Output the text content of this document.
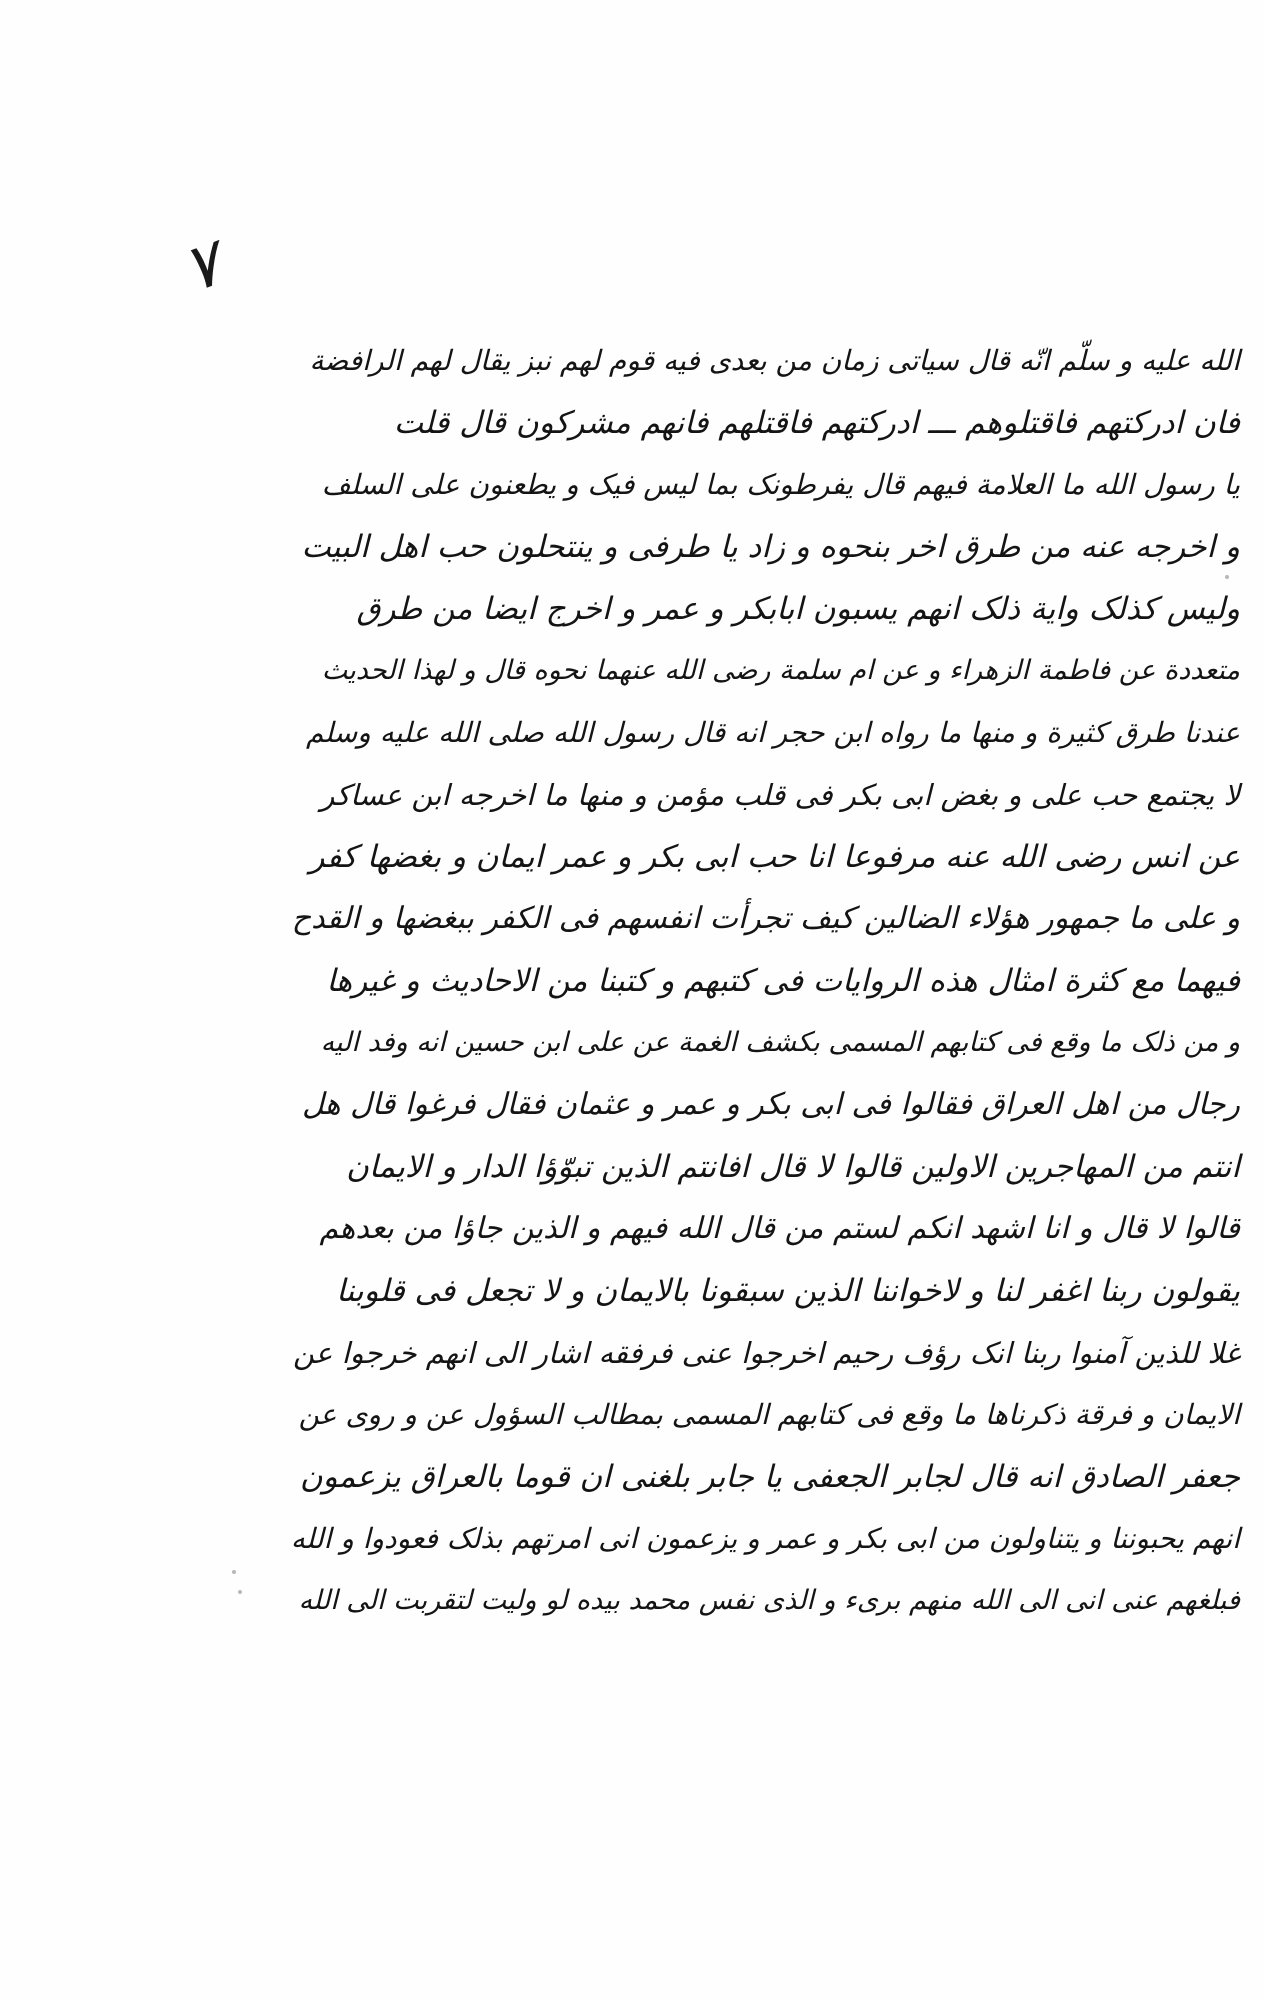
٧
الله علیه و سلّم انّه قال سیاتی زمان من بعدی فیه قوم لهم نبز یقال لهم الرافضة
فان ادرکتهم فاقتلوهم ـــ ادرکتهم فاقتلهم فانهم مشرکون قال قلت
یا رسول الله ما العلامة فیهم قال یفرطونک بما لیس فیک و یطعنون علی السلف
و اخرجه عنه من طرق اخر بنحوه و زاد یا طرفی و ینتحلون حب اهل البیت
ولیس کذلک وایة ذلک انهم یسبون ابابکر و عمر و اخرج ایضا من طرق
متعددة عن فاطمة الزهراء و عن ام سلمة رضی الله عنهما نحوه قال و لهذا الحدیث
عندنا طرق کثیرة و منها ما رواه ابن حجر انه قال رسول الله صلی الله علیه وسلم
لا یجتمع حب علی و بغض ابی بکر فی قلب مؤمن و منها ما اخرجه ابن عساکر
عن انس رضی الله عنه مرفوعا انا حب ابی بکر و عمر ایمان و بغضها کفر
و علی ما جمهور هؤلاء الضالین کیف تجرأت انفسهم فی الکفر ببغضها و القدح
فیهما مع کثرة امثال هذه الروایات فی کتبهم و کتبنا من الاحادیث و غیرها
و من ذلک ما وقع فی کتابهم المسمی بکشف الغمة عن علی ابن حسین انه وفد الیه
رجال من اهل العراق فقالوا فی ابی بکر و عمر و عثمان فقال فرغوا قال هل
انتم من المهاجرین الاولین قالوا لا قال افانتم الذین تبوّؤا الدار و الایمان
قالوا لا قال و انا اشهد انکم لستم من قال الله فیهم و الذین جاؤا من بعدهم
یقولون ربنا اغفر لنا و لاخواننا الذین سبقونا بالایمان و لا تجعل فی قلوبنا
غلا للذین آمنوا ربنا انک رؤف رحیم اخرجوا عنی فرفقه اشار الی انهم خرجوا عن
الایمان و فرقة ذکرناها ما وقع فی کتابهم المسمی بمطالب السؤول عن و روی عن
جعفر الصادق انه قال لجابر الجعفی یا جابر بلغنی ان قوما بالعراق یزعمون
انهم یحبوننا و یتناولون من ابی بکر و عمر و یزعمون انی امرتهم بذلک فعودوا و الله
فبلغهم عنی انی الی الله منهم بریء و الذی نفس محمد بیده لو ولیت لتقربت الی الله
